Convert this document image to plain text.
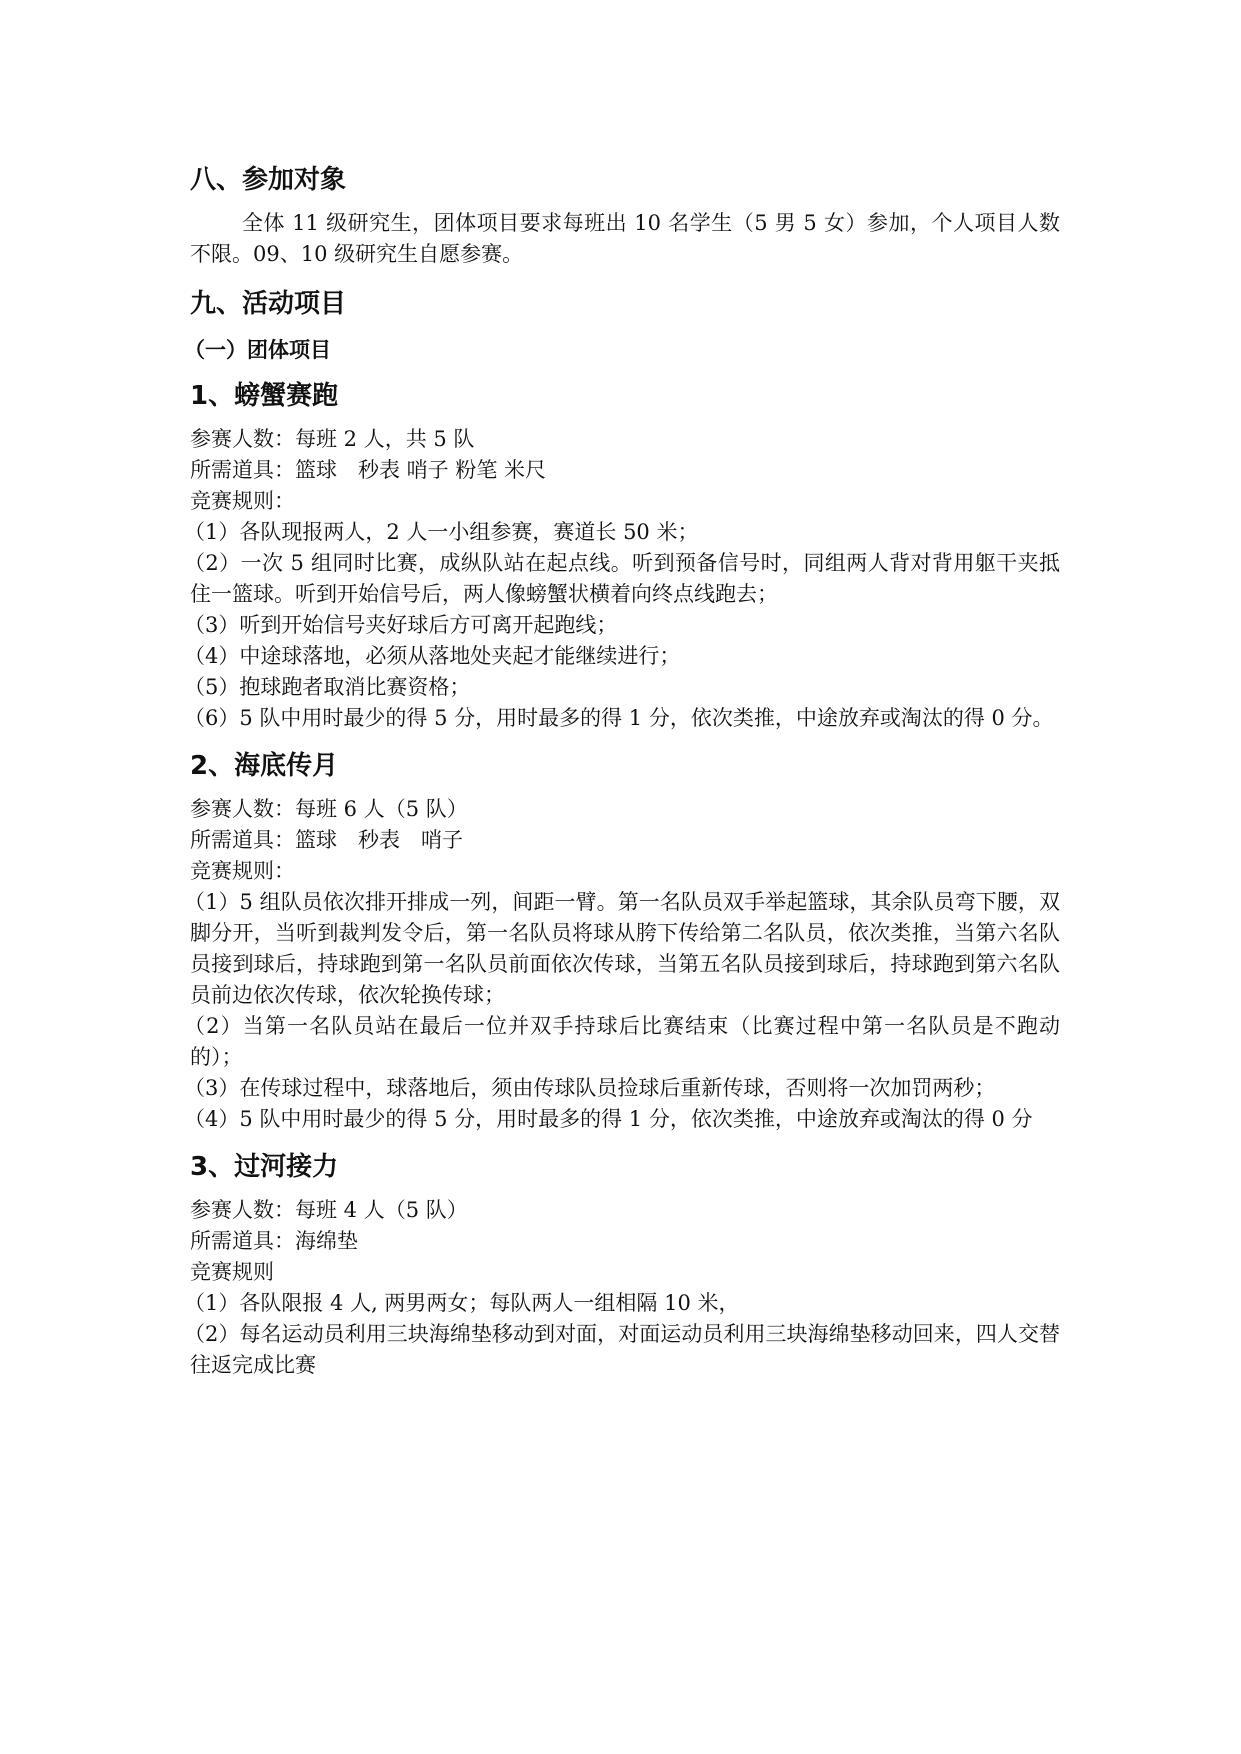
八、参加对象

全体 11 级研究生，团体项目要求每班出 10 名学生（5 男 5 女）参加，个人项目人数不限。09、10 级研究生自愿参赛。

九、活动项目
（一）团体项目
1、螃蟹赛跑

参赛人数：每班 2 人，共 5 队

所需道具：篮球　秒表 哨子 粉笔 米尺

竞赛规则：

（1）各队现报两人，2 人一小组参赛，赛道长 50 米；

（2）一次 5 组同时比赛，成纵队站在起点线。听到预备信号时，同组两人背对背用躯干夹抵住一篮球。听到开始信号后，两人像螃蟹状横着向终点线跑去；

（3）听到开始信号夹好球后方可离开起跑线；

（4）中途球落地，必须从落地处夹起才能继续进行；

（5）抱球跑者取消比赛资格；

（6）5 队中用时最少的得 5 分，用时最多的得 1 分，依次类推，中途放弃或淘汰的得 0 分。

2、海底传月

参赛人数：每班 6 人（5 队）

所需道具：篮球　秒表　哨子

竞赛规则：

（1）5 组队员依次排开排成一列，间距一臂。第一名队员双手举起篮球，其余队员弯下腰，双脚分开，当听到裁判发令后，第一名队员将球从胯下传给第二名队员，依次类推，当第六名队员接到球后，持球跑到第一名队员前面依次传球，当第五名队员接到球后，持球跑到第六名队员前边依次传球，依次轮换传球；

（2）当第一名队员站在最后一位并双手持球后比赛结束（比赛过程中第一名队员是不跑动的）；

（3）在传球过程中，球落地后，须由传球队员捡球后重新传球，否则将一次加罚两秒；

（4）5 队中用时最少的得 5 分，用时最多的得 1 分，依次类推，中途放弃或淘汰的得 0 分

3、过河接力

参赛人数：每班 4 人（5 队）

所需道具：海绵垫

竞赛规则

（1）各队限报 4 人, 两男两女；每队两人一组相隔 10 米，

（2）每名运动员利用三块海绵垫移动到对面，对面运动员利用三块海绵垫移动回来，四人交替往返完成比赛
